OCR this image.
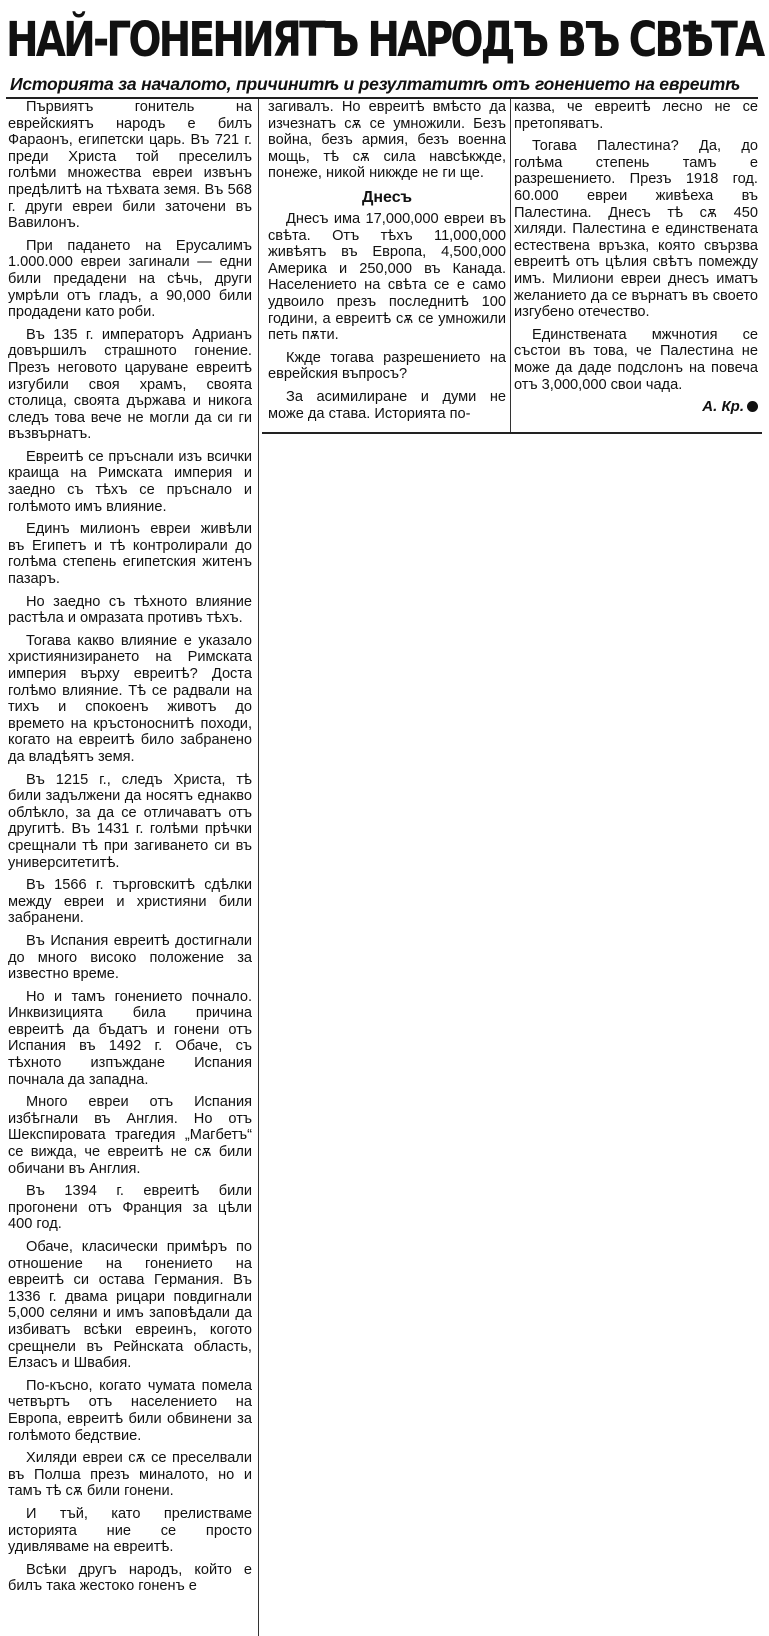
НАЙ-ГОНЕНИЯТЪ НАРОДЪ ВЪ СВѢТА
Историята за началото, причинитѣ и резултатитѣ отъ гонението на евреитѣ

Първиятъ гонитель на еврейскиятъ народъ е билъ Фараонъ, египетски царь. Въ 721 г. преди Христа той преселилъ голѣми множества евреи извънъ предѣлитѣ на тѣхвата земя. Въ 568 г. други евреи били заточени въ Вавилонъ.

При падането на Ерусалимъ 1.000.000 евреи загинали — едни били предадени на сѣчь, други умрѣли отъ гладъ, а 90,000 били продадени като роби.

Въ 135 г. императоръ Адрианъ довършилъ страшното гонение. Презъ неговото царуване евреитѣ изгубили своя храмъ, своята столица, своята държава и никога следъ това вече не могли да си ги възвърнатъ.

Евреитѣ се пръснали изъ всички краища на Римската империя и заедно съ тѣхъ се пръснало и голѣмото имъ влияние.

Единъ милионъ евреи живѣли въ Египетъ и тѣ контролирали до голѣма степень египетския житенъ пазаръ.

Но заедно съ тѣхното влияние растѣла и омразата противъ тѣхъ.

Тогава какво влияние е указало християнизирането на Римската империя върху евреитѣ? Доста голѣмо влияние. Тѣ се радвали на тихъ и спокоенъ животъ до времето на кръстоноснитѣ походи, когато на евреитѣ било забранено да владѣятъ земя.

Въ 1215 г., следъ Христа, тѣ били задължени да носятъ еднакво облѣкло, за да се отличаватъ отъ другитѣ. Въ 1431 г. голѣми прѣчки срещнали тѣ при загиването си въ университетитѣ.

Въ 1566 г. търговскитѣ сдѣлки между евреи и християни били забранени.

Въ Испания евреитѣ достигнали до много високо положение за известно време.

Но и тамъ гонението почнало. Инквизицията била причина евреитѣ да бъдатъ и гонени отъ Испания въ 1492 г. Обаче, съ тѣхното изпъждане Испания почнала да западна.

Много евреи отъ Испания избѣгнали въ Англия. Но отъ Шекспировата трагедия „Магбетъ“ се вижда, че евреитѣ не сѫ били обичани въ Англия.

Въ 1394 г. евреитѣ били прогонени отъ Франция за цѣли 400 год.

Обаче, класически примѣръ по отношение на гонението на евреитѣ си остава Германия. Въ 1336 г. двама рицари повдигнали 5,000 селяни и имъ заповѣдали да избиватъ всѣки евреинъ, когото срещнели въ Рейнската область, Елзасъ и Швабия.

По-късно, когато чумата помела четвъртъ отъ населението на Европа, евреитѣ били обвинени за голѣмото бедствие.

Хиляди евреи сѫ се преселвали въ Полша презъ миналото, но и тамъ тѣ сѫ били гонени.

И тъй, като прелистваме историята ние се просто удивляваме на евреитѣ.

Всѣки другъ народъ, който е билъ така жестоко гоненъ е

загивалъ. Но евреитѣ вмѣсто да изчезнатъ сѫ се умножили. Безъ война, безъ армия, безъ военна мощь, тѣ сѫ сила навсѣкжде, понеже, никой никжде не ги ще.

Днесъ

Днесъ има 17,000,000 евреи въ свѣта. Отъ тѣхъ 11,000,000 живѣятъ въ Европа, 4,500,000 Америка и 250,000 въ Канада. Населението на свѣта се е само удвоило презъ последнитѣ 100 години, а евреитѣ сѫ се умножили петь пѫти.

Кжде тогава разрешението на еврейския въпросъ?

За асимилиране и думи не може да става. Историята по-

казва, че евреитѣ лесно не се претопяватъ.

Тогава Палестина? Да, до голѣма степень тамъ е разрешението. Презъ 1918 год. 60.000 евреи живѣеха въ Палестина. Днесъ тѣ сѫ 450 хиляди. Палестина е единствената естествена връзка, която свързва евреитѣ отъ цѣлия свѣтъ помежду имъ. Милиони евреи днесъ иматъ желанието да се върнатъ въ своето изгубено отечество.

Единствената мжчнотия се състои въ това, че Палестина не може да даде подслонъ на повеча отъ 3,000,000 свои чада.

А. Кр.
